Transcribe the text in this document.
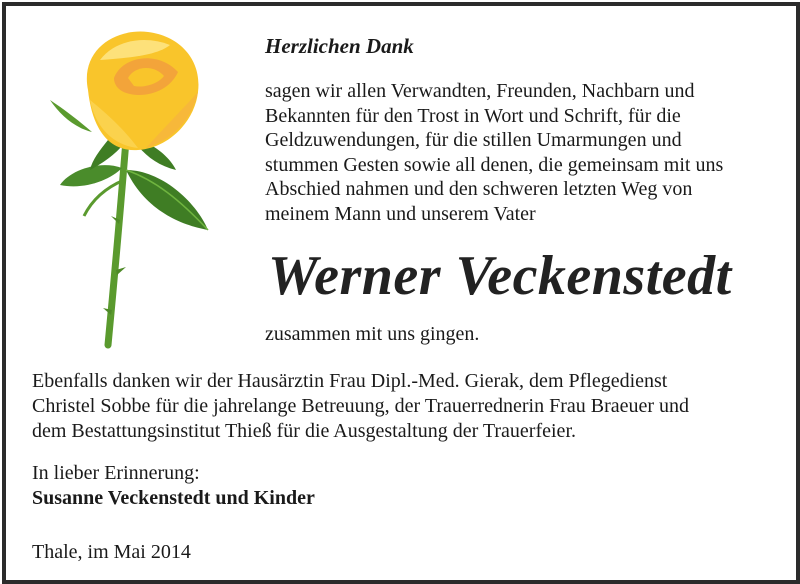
Herzlichen Dank

sagen wir allen Verwandten, Freunden, Nachbarn und
Bekannten für den Trost in Wort und Schrift, für die
Geldzuwendungen, für die stillen Umarmungen und
stummen Gesten sowie all denen, die gemeinsam mit uns
Abschied nahmen und den schweren letzten Weg von
meinem Mann und unserem Vater

Werner Veckenstedt

zusammen mit uns gingen.

Ebenfalls danken wir der Hausärztin Frau Dipl.-Med. Gierak, dem Pflegedienst
Christel Sobbe für die jahrelange Betreuung, der Trauerrednerin Frau Braeuer und
dem Bestattungsinstitut Thieß für die Ausgestaltung der Trauerfeier.

In lieber Erinnerung:

Susanne Veckenstedt und Kinder

Thale, im Mai 2014
